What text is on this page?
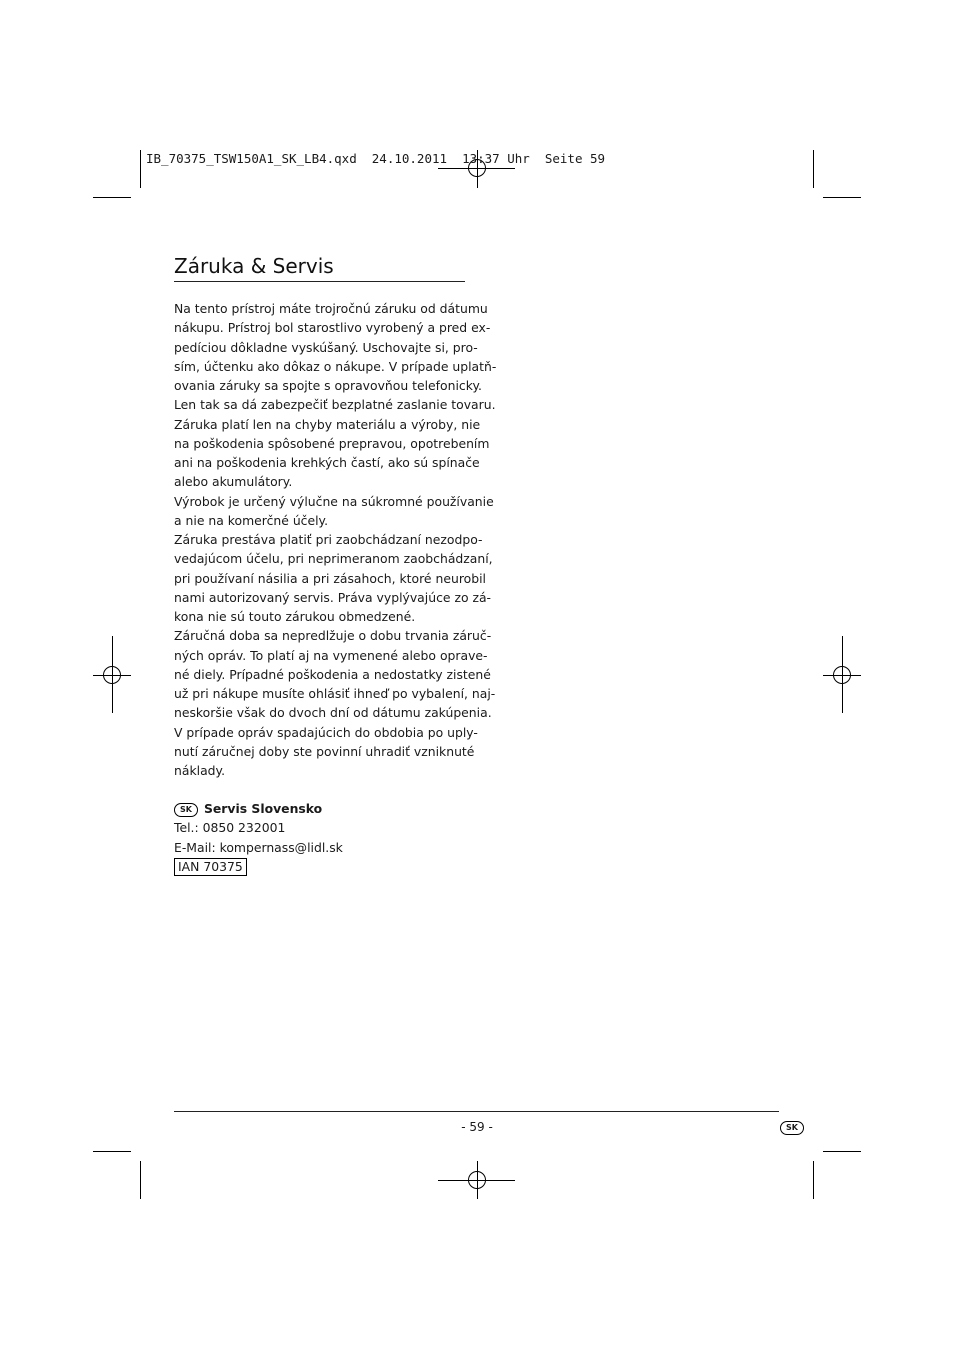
IB_70375_TSW150A1_SK_LB4.qxd  24.10.2011  13:37 Uhr  Seite 59
Záruka & Servis
Na tento prístroj máte trojročnú záruku od dátumu
nákupu. Prístroj bol starostlivo vyrobený a pred ex-
pedíciou dôkladne vyskúšaný. Uschovajte si, pro-
sím, účtenku ako dôkaz o nákupe. V prípade uplatň-
ovania záruky sa spojte s opravovňou telefonicky.
Len tak sa dá zabezpečiť bezplatné zaslanie tovaru.
Záruka platí len na chyby materiálu a výroby, nie
na poškodenia spôsobené prepravou, opotrebením
ani na poškodenia krehkých častí, ako sú spínače
alebo akumulátory.
Výrobok je určený výlučne na súkromné používanie
a nie na komerčné účely.
Záruka prestáva platiť pri zaobchádzaní nezodpo-
vedajúcom účelu, pri neprimeranom zaobchádzaní,
pri používaní násilia a pri zásahoch, ktoré neurobil
nami autorizovaný servis. Práva vyplývajúce zo zá-
kona nie sú touto zárukou obmedzené.
Záručná doba sa nepredlžuje o dobu trvania záruč-
ných opráv. To platí aj na vymenené alebo oprave-
né diely. Prípadné poškodenia a nedostatky zistené
už pri nákupe musíte ohlásiť ihneď po vybalení, naj-
neskoršie však do dvoch dní od dátumu zakúpenia.
V prípade opráv spadajúcich do obdobia po uply-
nutí záručnej doby ste povinní uhradiť vzniknuté
náklady.
SK Servis Slovensko
Tel.: 0850 232001
E-Mail: kompernass@lidl.sk
IAN 70375
- 59 -	SK
